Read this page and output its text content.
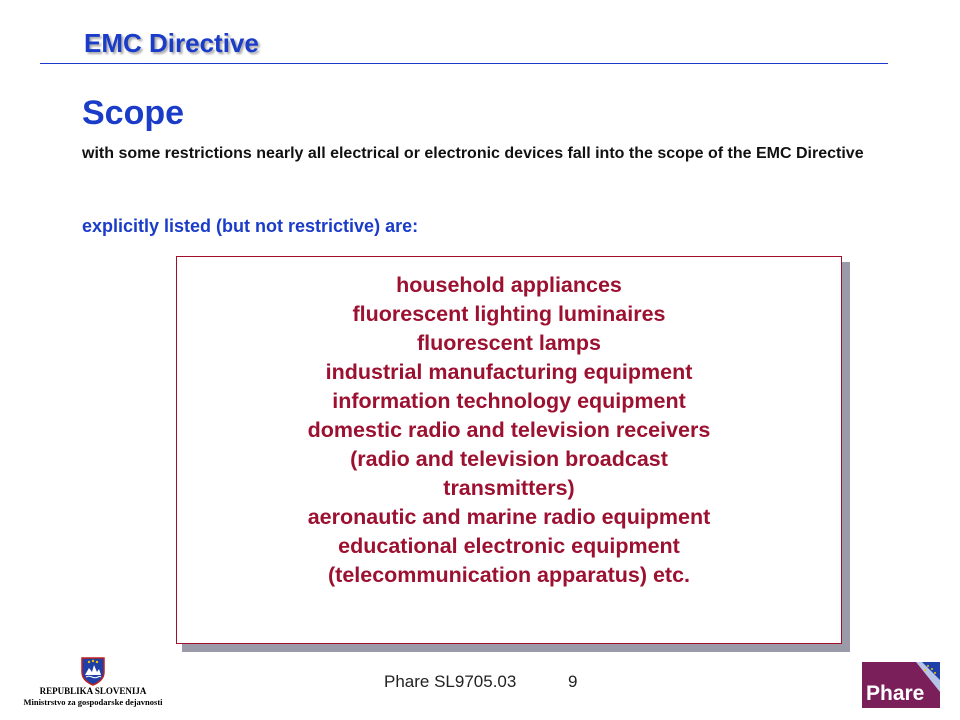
EMC Directive
Scope
with some restrictions nearly all electrical or electronic devices fall into the scope of the EMC Directive
explicitly listed (but not restrictive) are:
household appliances
fluorescent lighting luminaires
fluorescent lamps
industrial manufacturing equipment
information technology equipment
domestic radio and television receivers
(radio and television broadcast
transmitters)
aeronautic and marine radio equipment
educational electronic equipment
(telecommunication apparatus) etc.
REPUBLIKA SLOVENIJA
Ministrstvo za gospodarske dejavnosti
Phare SL9705.03	9
Phare
